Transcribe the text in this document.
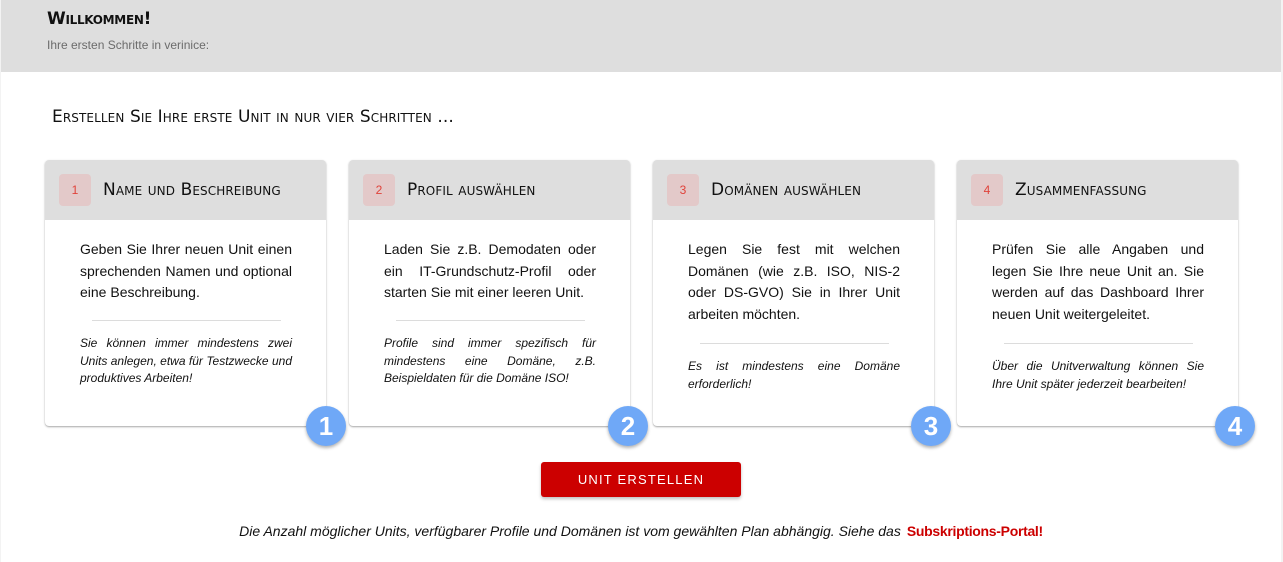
Willkommen!
Ihre ersten Schritte in verinice:
Erstellen Sie Ihre erste Unit in nur vier Schritten ...
1	Name und Beschreibung
Geben Sie Ihrer neuen Unit einen sprechenden Namen und optional eine Beschreibung.
Sie können immer mindestens zwei Units anlegen, etwa für Testzwecke und produktives Arbeiten!
1
2	Profil auswählen
Laden Sie z.B. Demodaten oder ein IT-Grundschutz-Profil oder starten Sie mit einer leeren Unit.
Profile sind immer spezifisch für mindestens eine Domäne, z.B. Beispieldaten für die Domäne ISO!
2
3	Domänen auswählen
Legen Sie fest mit welchen Domänen (wie z.B. ISO, NIS-2 oder DS-GVO) Sie in Ihrer Unit arbeiten möchten.
Es ist mindestens eine Domäne erforderlich!
3
4	Zusammenfassung
Prüfen Sie alle Angaben und legen Sie Ihre neue Unit an. Sie werden auf das Dashboard Ihrer neuen Unit weitergeleitet.
Über die Unitverwaltung können Sie Ihre Unit später jederzeit bearbeiten!
4
UNIT ERSTELLEN
Die Anzahl möglicher Units, verfügbarer Profile und Domänen ist vom gewählten Plan abhängig. Siehe das Subskriptions-Portal!
